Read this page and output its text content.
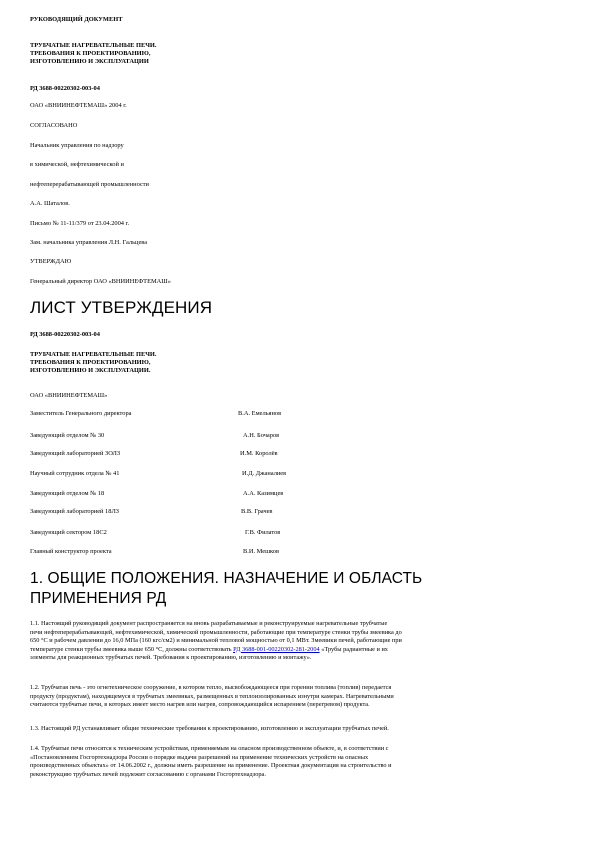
РУКОВОДЯЩИЙ ДОКУМЕНТ
ТРУБЧАТЫЕ НАГРЕВАТЕЛЬНЫЕ ПЕЧИ.
ТРЕБОВАНИЯ К ПРОЕКТИРОВАНИЮ,
ИЗГОТОВЛЕНИЮ И ЭКСПЛУАТАЦИИ
РД 3688-00220302-003-04
ОАО «ВНИИНЕФТЕМАШ» 2004 г.
СОГЛАСОВАНО
Начальник управления по надзору
в химической, нефтехимической и
нефтеперерабатывающей промышленности
А.А. Шаталов.
Письмо № 11-11/379 от 23.04.2004 г.
Зам. начальника управления Л.Н. Гальцева
УТВЕРЖДАЮ
Генеральный директор ОАО «ВНИИНЕФТЕМАШ»
ЛИСТ УТВЕРЖДЕНИЯ
РД 3688-00220302-003-04
ТРУБЧАТЫЕ НАГРЕВАТЕЛЬНЫЕ ПЕЧИ.
ТРЕБОВАНИЯ К ПРОЕКТИРОВАНИЮ,
ИЗГОТОВЛЕНИЮ И ЭКСПЛУАТАЦИИ.
ОАО «ВНИИНЕФТЕМАШ»
Заместитель Генерального директора	В.А. Емельянов
Заведующий отделом № 30	А.Н. Бочаров
Заведующий лабораторией ЗОЛЗ	И.М. Королёв
Научный сотрудник отдела № 41	И.Д. Джаналиев
Заведующий отделом № 18	А.А. Казимцев
Заведующий лабораторией 18ЛЗ	В.В. Грачев
Заведующий сектором 18С2	Г.В. Филатов
Главный конструктор проекта	В.И. Мешков
1. ОБЩИЕ ПОЛОЖЕНИЯ. НАЗНАЧЕНИЕ И ОБЛАСТЬ
ПРИМЕНЕНИЯ РД
1.1. Настоящий руководящий документ распространяется на вновь разрабатываемые и реконструируемые нагревательные трубчатые
печи нефтеперерабатывающей, нефтехимической, химической промышленности, работающие при температуре стенки трубы змеевика до
650 °С и рабочем давлении до 16,0 МПа (160 кгс/см2) и минимальной тепловой мощностью от 0,1 МВт. Змеевики печей, работающие при
температуре стенки трубы змеевика выше 650 °С, должны соответствовать РД 3688-001-00220302-281-2004 «Трубы радиантные и их
элементы для реакционных трубчатых печей. Требования к проектированию, изготовлению и монтажу».
1.2. Трубчатая печь - это огнетехническое сооружение, в котором тепло, высвобождающееся при горении топлива (топлив) передается
продукту (продуктам), находящемуся в трубчатых змеевиках, размещенных в теплоизолированных изнутри камерах. Нагревательными
считаются трубчатые печи, в которых имеет место нагрев или нагрев, сопровождающийся испарением (перегревом) продукта.
1.3. Настоящий РД устанавливает общие технические требования к проектированию, изготовлению и эксплуатации трубчатых печей.
1.4. Трубчатые печи относятся к техническим устройствам, применяемым на опасном производственном объекте, и, в соответствии с
«Постановлением Госгортехнадзора России о порядке выдачи разрешений на применение технических устройств на опасных
производственных объектах» от 14.06.2002 г., должны иметь разрешение на применение. Проектная документация на строительство и
реконструкцию трубчатых печей подлежит согласованию с органами Госгортехнадзора.
